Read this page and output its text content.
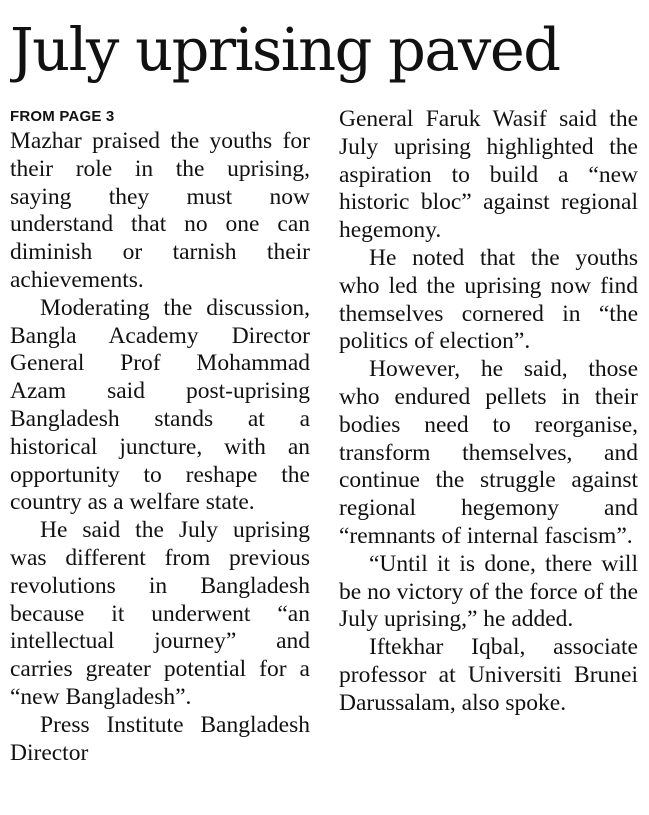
July uprising paved
FROM PAGE 3

Mazhar praised the youths for their role in the uprising, saying they must now understand that no one can diminish or tarnish their achievements.

Moderating the discussion, Bangla Academy Director General Prof Mohammad Azam said post-uprising Bangladesh stands at a historical juncture, with an opportunity to reshape the country as a welfare state.

He said the July uprising was different from previous revolutions in Bangladesh because it underwent “an intellectual journey” and carries greater potential for a “new Bangladesh”.

Press Institute Bangladesh Director

General Faruk Wasif said the July uprising highlighted the aspiration to build a “new historic bloc” against regional hegemony.

He noted that the youths who led the uprising now find themselves cornered in “the politics of election”.

However, he said, those who endured pellets in their bodies need to reorganise, transform themselves, and continue the struggle against regional hegemony and “remnants of internal fascism”.

“Until it is done, there will be no victory of the force of the July uprising,” he added.

Iftekhar Iqbal, associate professor at Universiti Brunei Darussalam, also spoke.
